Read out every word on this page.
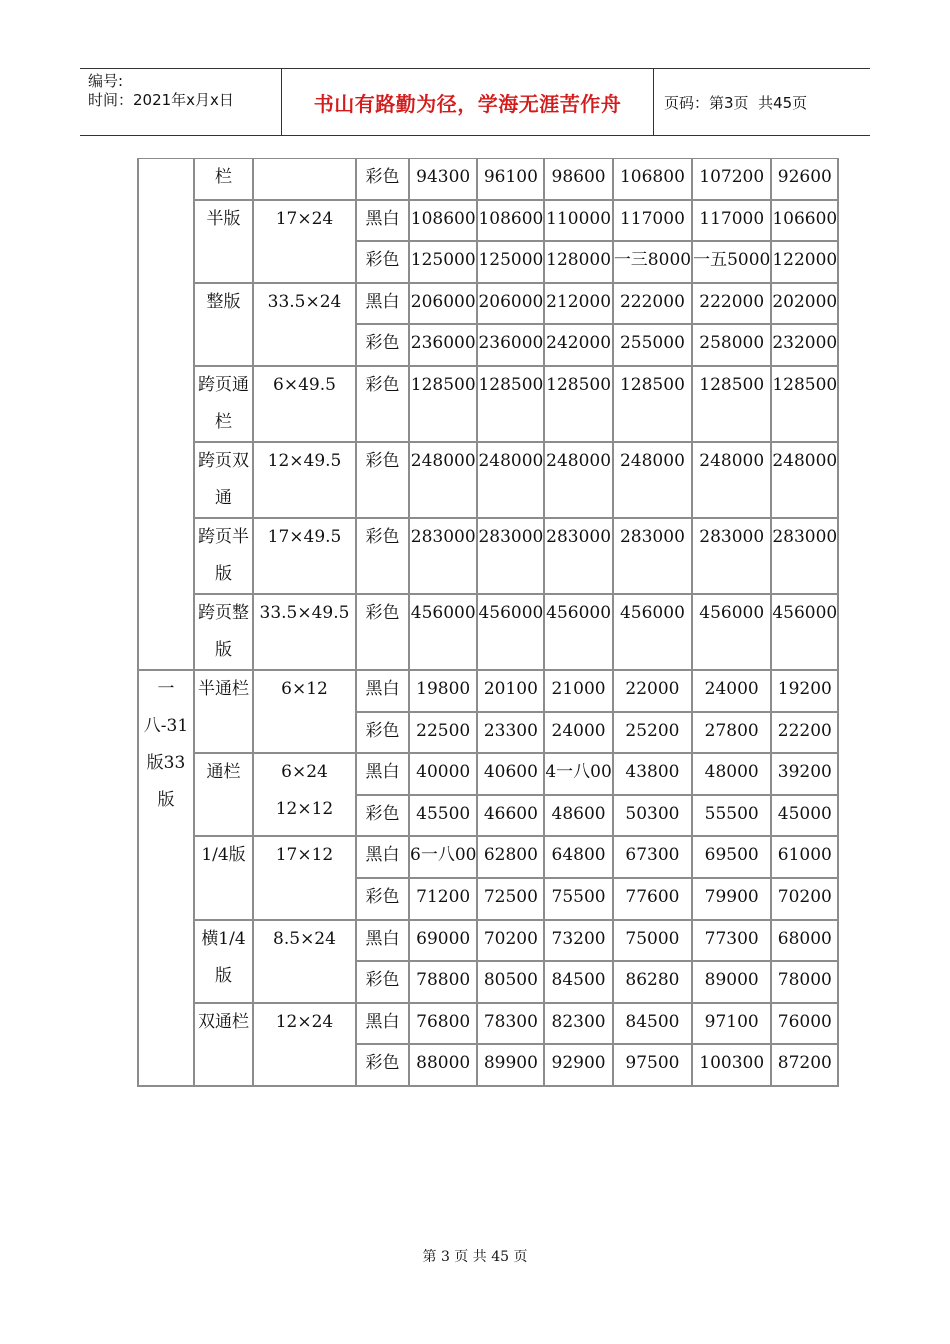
编号:
时间：2021年x月x日	书山有路勤为径，学海无涯苦作舟	页码：第3页  共45页
	栏		彩色	94300	96100	98600	106800	107200	92600
	半版	17×24	黑白	108600	108600	110000	117000	117000	106600
			彩色	125000	125000	128000	一三8000	一五5000	122000
	整版	33.5×24	黑白	206000	206000	212000	222000	222000	202000
			彩色	236000	236000	242000	255000	258000	232000
	跨页通栏	6×49.5	彩色	128500	128500	128500	128500	128500	128500
	跨页双通	12×49.5	彩色	248000	248000	248000	248000	248000	248000
	跨页半版	17×49.5	彩色	283000	283000	283000	283000	283000	283000
	跨页整版	33.5×49.5	彩色	456000	456000	456000	456000	456000	456000
一八-31版33版	半通栏	6×12	黑白	19800	20100	21000	22000	24000	19200
			彩色	22500	23300	24000	25200	27800	22200
	通栏	6×24 12×12	黑白	40000	40600	4一八00	43800	48000	39200
			彩色	45500	46600	48600	50300	55500	45000
	1/4版	17×12	黑白	6一八00	62800	64800	67300	69500	61000
			彩色	71200	72500	75500	77600	79900	70200
	横1/4版	8.5×24	黑白	69000	70200	73200	75000	77300	68000
			彩色	78800	80500	84500	86280	89000	78000
	双通栏	12×24	黑白	76800	78300	82300	84500	97100	76000
			彩色	88000	89900	92900	97500	100300	87200
第 3 页 共 45 页
